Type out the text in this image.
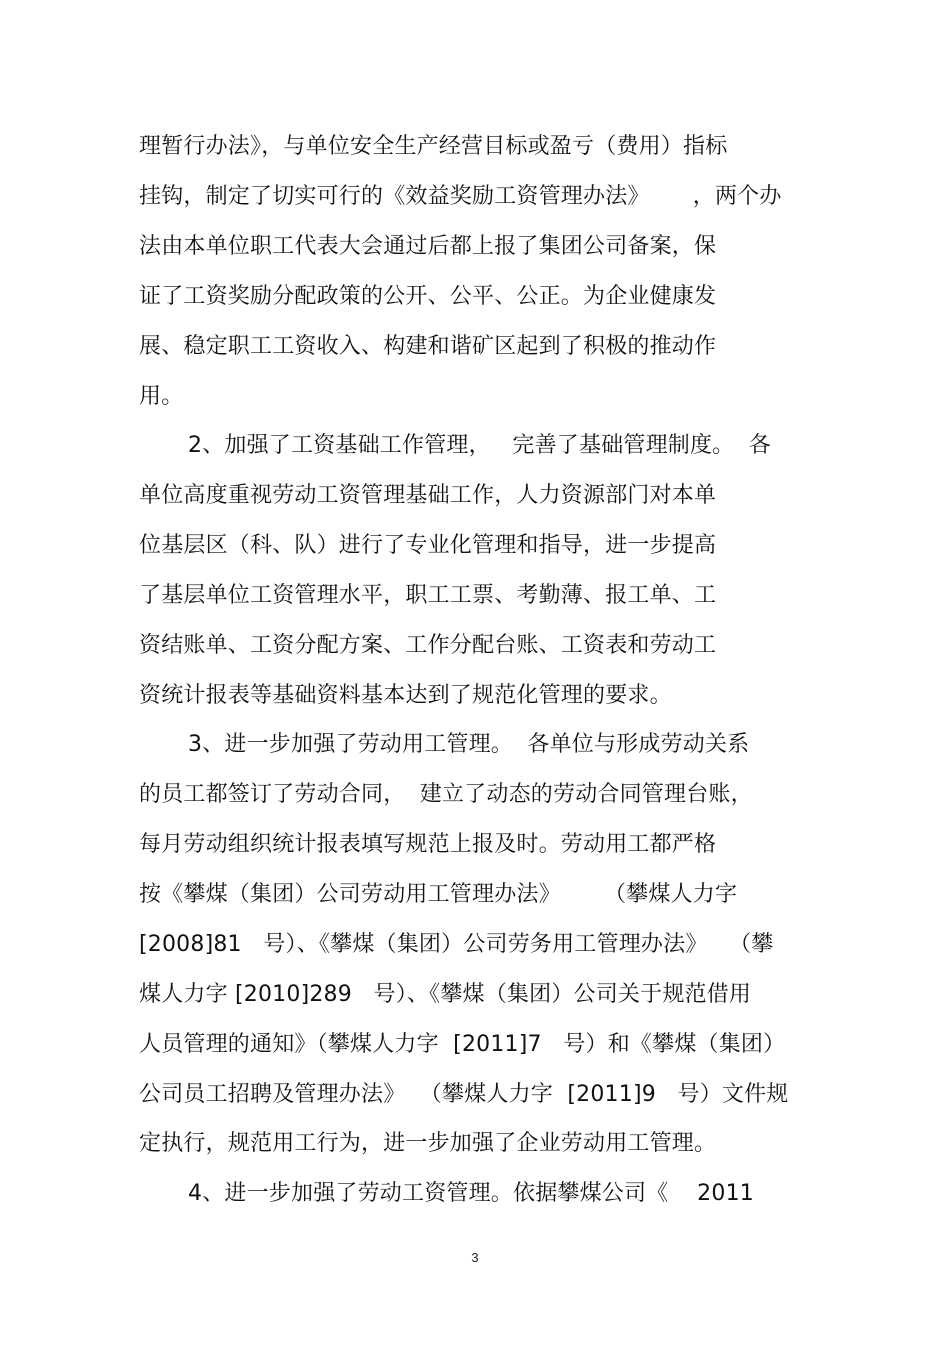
理暂行办法》，与单位安全生产经营目标或盈亏（费用）指标
挂钩，制定了切实可行的《效益奖励工资管理办法》      ，两个办
法由本单位职工代表大会通过后都上报了集团公司备案，保
证了工资奖励分配政策的公开、公平、公正。为企业健康发
展、稳定职工工资收入、构建和谐矿区起到了积极的推动作
用。
2、加强了工资基础工作管理，   完善了基础管理制度。  各
单位高度重视劳动工资管理基础工作，人力资源部门对本单
位基层区（科、队）进行了专业化管理和指导，进一步提高
了基层单位工资管理水平，职工工票、考勤薄、报工单、工
资结账单、工资分配方案、工作分配台账、工资表和劳动工
资统计报表等基础资料基本达到了规范化管理的要求。
3、进一步加强了劳动用工管理。  各单位与形成劳动关系
的员工都签订了劳动合同，  建立了动态的劳动合同管理台账，
每月劳动组织统计报表填写规范上报及时。劳动用工都严格
按《攀煤（集团）公司劳动用工管理办法》      （攀煤人力字
[2008]81   号）、《攀煤（集团）公司劳务用工管理办法》   （攀
煤人力字 [2010]289   号）、《攀煤（集团）公司关于规范借用
人员管理的通知》（攀煤人力字  [2011]7   号）和《攀煤（集团）
公司员工招聘及管理办法》  （攀煤人力字  [2011]9   号）文件规
定执行，规范用工行为，进一步加强了企业劳动用工管理。
4、进一步加强了劳动工资管理。依据攀煤公司《    2011
3
